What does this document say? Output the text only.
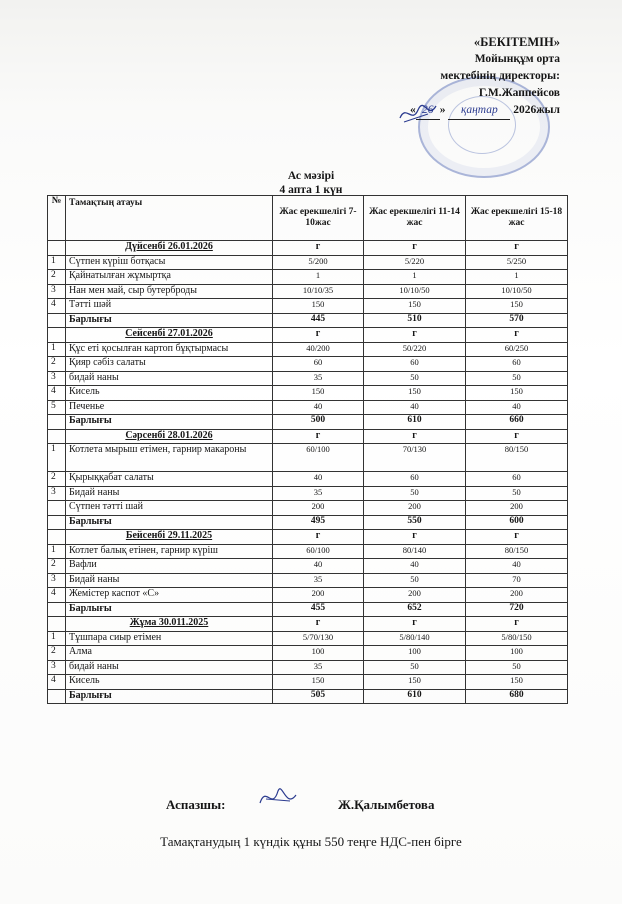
«БЕКІТЕМІН»
Мойынқұм орта
мектебінің директоры:
Г.М.Жаппейсов
« 26 » қаңтар 2026жыл
Ас мәзірі
4 апта 1 күн
№	Тамақтың атауы	Жас ерекшелігі 7-10жас	Жас ерекшелігі 11-14 жас	Жас ерекшелігі 15-18 жас
	Дүйсенбі 26.01.2026	г	г	г
1	Сүтпен күріш ботқасы	5/200	5/220	5/250
2	Қайнатылған жұмыртқа	1	1	1
3	Нан мен май, сыр бутерброды	10/10/35	10/10/50	10/10/50
4	Тәтті шәй	150	150	150
	Барлығы	445	510	570
	Сейсенбі 27.01.2026	г	г	г
1	Құс еті қосылған картоп бұқтырмасы	40/200	50/220	60/250
2	Қияр сәбіз салаты	60	60	60
3	бидай наны	35	50	50
4	Кисель	150	150	150
5	Печенье	40	40	40
	Барлығы	500	610	660
	Сәрсенбі 28.01.2026	г	г	г
1	Котлета мырыш етімен, гарнир макароны	60/100	70/130	80/150
2	Қырыққабат салаты	40	60	60
3	Бидай наны	35	50	50
	Сүтпен тәтті шай	200	200	200
	Барлығы	495	550	600
	Бейсенбі 29.11.2025	г	г	г
1	Котлет балық етінен, гарнир күріш	60/100	80/140	80/150
2	Вафли	40	40	40
3	Бидай наны	35	50	70
4	Жемістер каспот «С»	200	200	200
	Барлығы	455	652	720
	Жұма 30.011.2025	г	г	г
1	Тұшпара сиыр етімен	5/70/130	5/80/140	5/80/150
2	Алма	100	100	100
3	бидай наны	35	50	50
4	Кисель	150	150	150
	Барлығы	505	610	680
Аспазшы:	Ж.Қалымбетова
Тамақтанудың 1 күндік құны 550 теңге НДС-пен бірге
